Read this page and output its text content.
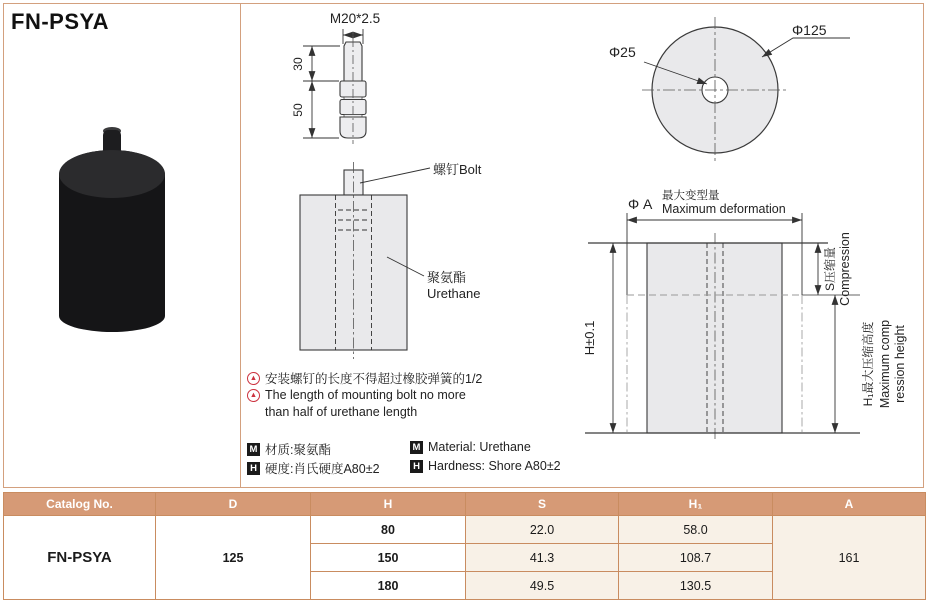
FN-PSYA	M20*2.5
30
50
螺钉Bolt
聚氨酯
Urethane
Φ25
Φ125
Φ A 最大变型量
Maximum deformation
H±0.1
S压缩量 Compression
H₁最大压缩高度 Maximum comp ression height
▲ 安装螺钉的长度不得超过橡胶弹簧的1/2
▲ The length of mounting bolt no more
than half of urethane length
M 材质:聚氨酯
H 硬度:肖氏硬度A80±2
M Material: Urethane
H Hardness: Shore A80±2
Catalog No.	D	H	S	H₁	A
FN-PSYA	125	80	22.0	58.0	161
		150	41.3	108.7	
		180	49.5	130.5	
